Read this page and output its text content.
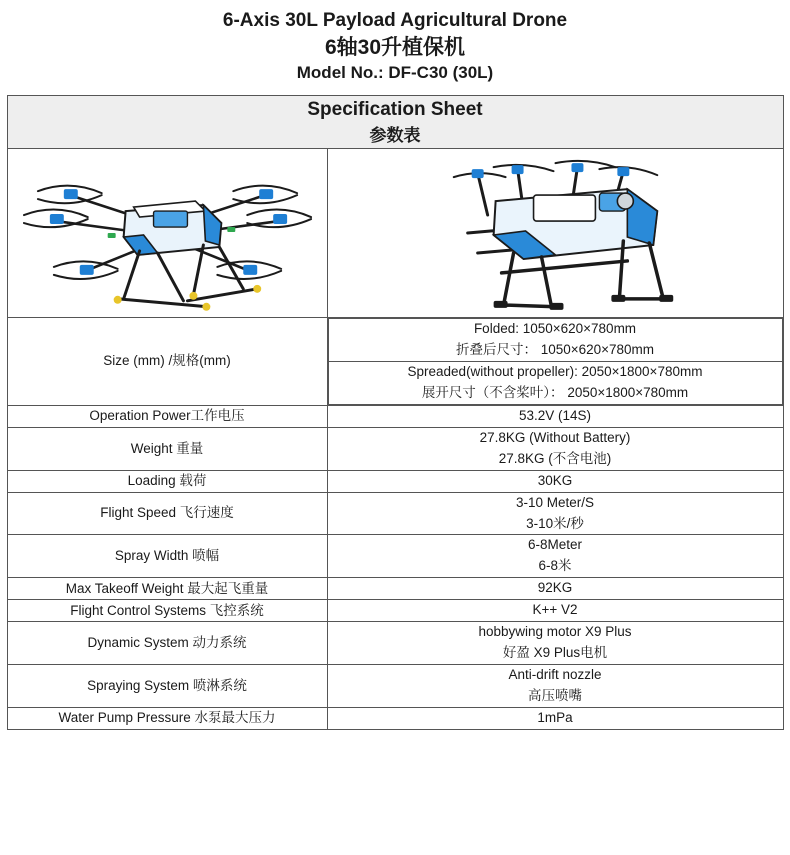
6-Axis 30L Payload Agricultural Drone
6轴30升植保机
Model No.: DF-C30 (30L)
Specification Sheet
参数表

Size (mm) /规格(mm)	
Folded: 1050×620×780mm
折叠后尺寸： 1050×620×780mm

Spreaded(without propeller): 2050×1800×780mm
展开尺寸（不含桨叶）： 2050×1800×780mm

Operation Power工作电压	53.2V (14S)

Weight 重量	
27.8KG (Without Battery)
27.8KG (不含电池)

Loading 载荷	30KG

Flight Speed 飞行速度	
3-10 Meter/S
3-10米/秒

Spray Width 喷幅	
6-8Meter
6-8米

Max Takeoff Weight 最大起飞重量	92KG

Flight Control Systems 飞控系统	K++ V2

Dynamic System 动力系统	
hobbywing motor X9 Plus
好盈 X9 Plus电机

Spraying System 喷淋系统	
Anti-drift nozzle
高压喷嘴

Water Pump Pressure 水泵最大压力	1mPa
